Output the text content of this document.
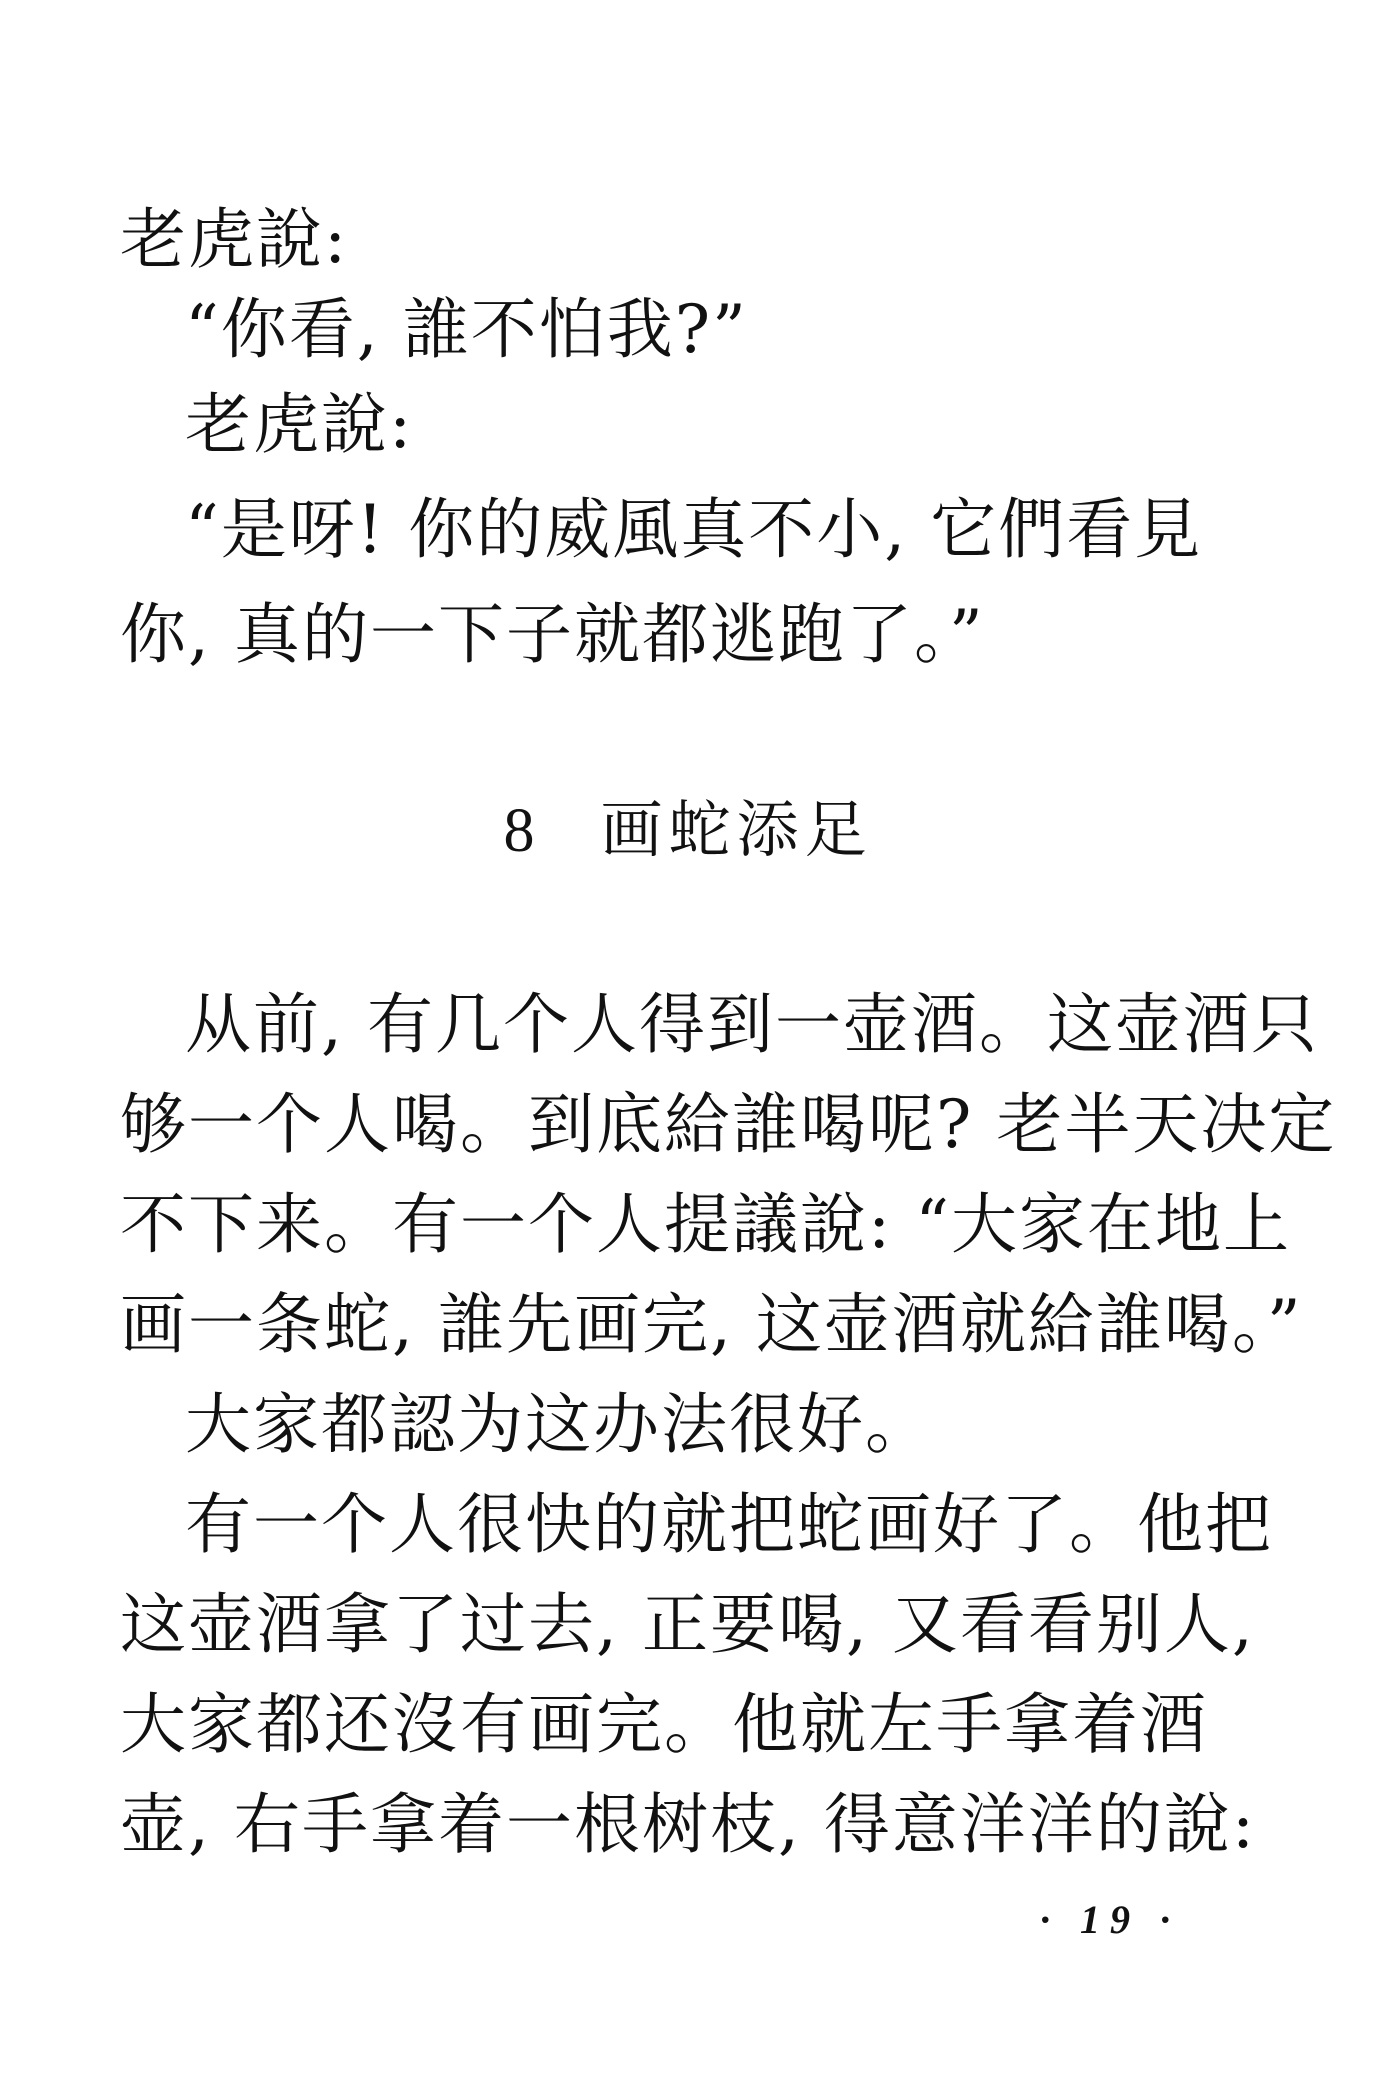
老虎說:
“你看, 誰不怕我?”
老虎說:
“是呀! 你的威風真不小, 它們看見
你, 真的一下子就都逃跑了。”
8 画蛇添足
从前, 有几个人得到一壶酒。这壶酒只
够一个人喝。到底給誰喝呢? 老半天决定
不下来。有一个人提議說: “大家在地上
画一条蛇, 誰先画完, 这壶酒就給誰喝。”
大家都認为这办法很好。
有一个人很快的就把蛇画好了。他把
这壶酒拿了过去, 正要喝, 又看看别人,
大家都还沒有画完。他就左手拿着酒
壶, 右手拿着一根树枝, 得意洋洋的說:
· 19 ·
